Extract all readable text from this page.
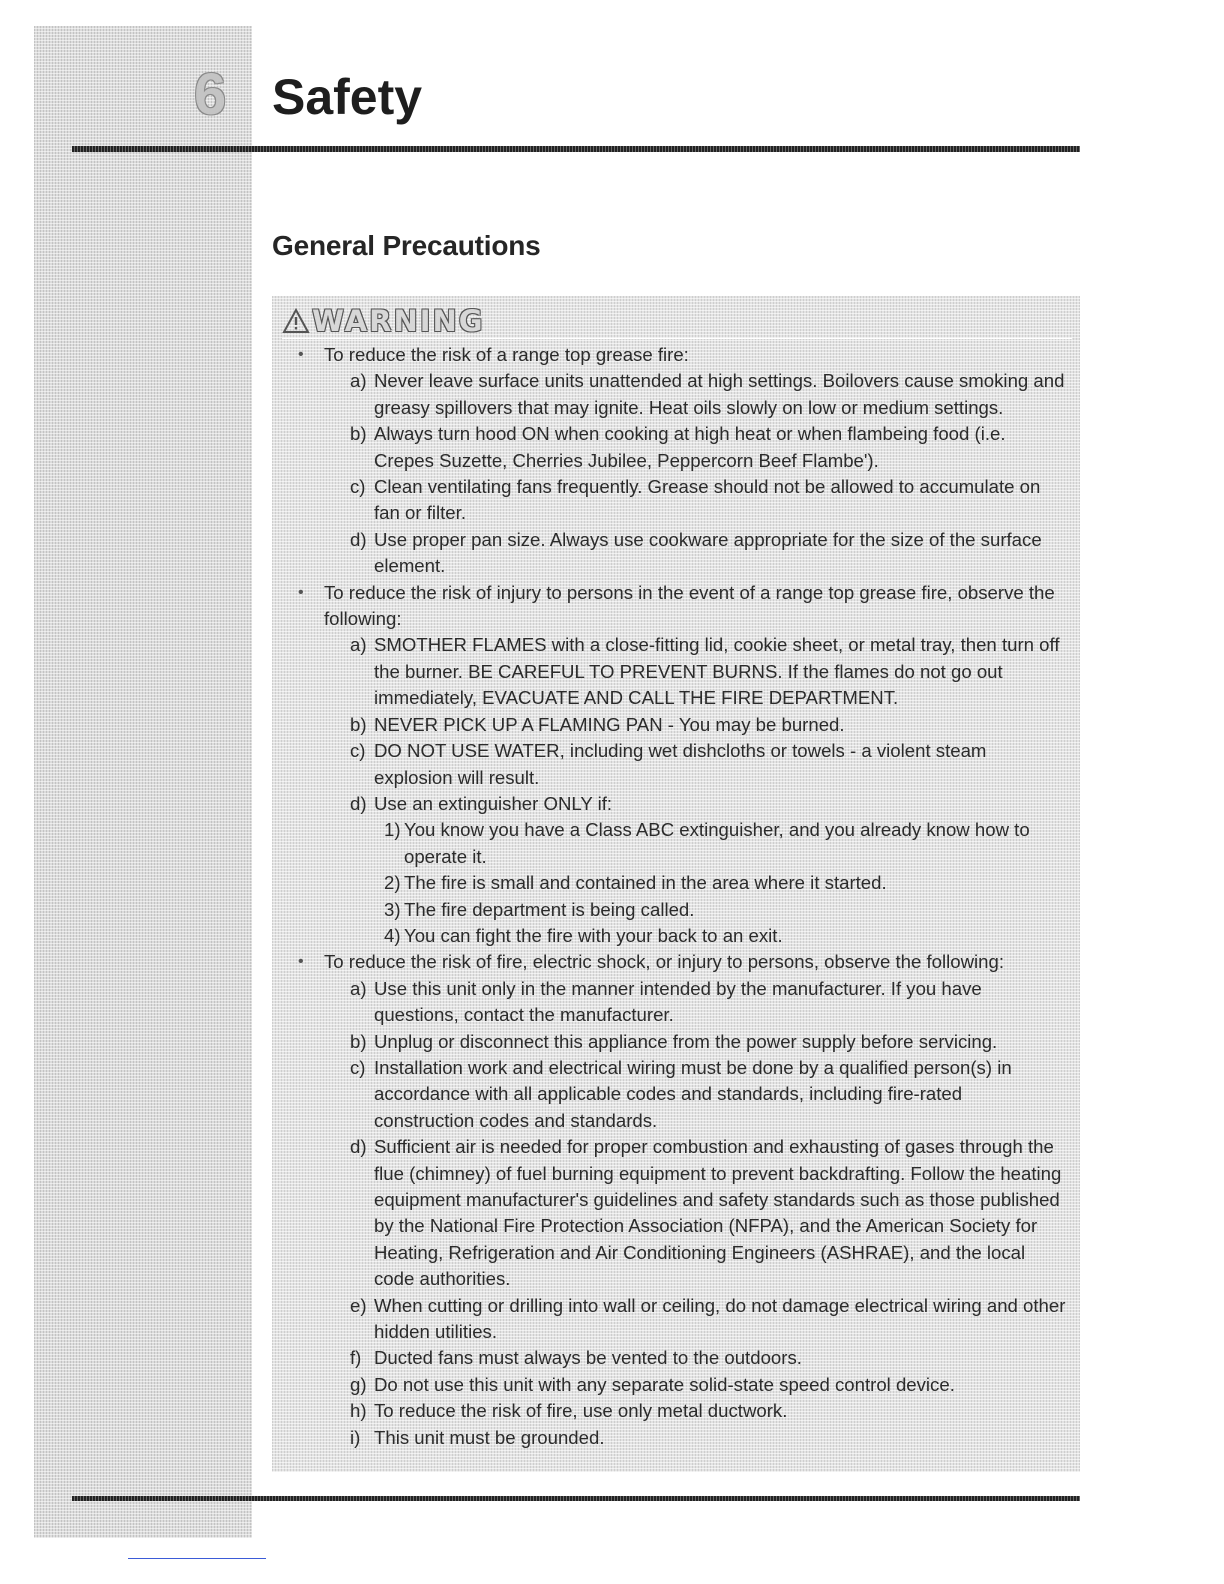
6 Safety
General Precautions
WARNING
• To reduce the risk of a range top grease fire:
a) Never leave surface units unattended at high settings. Boilovers cause smoking and greasy spillovers that may ignite. Heat oils slowly on low or medium settings.
b) Always turn hood ON when cooking at high heat or when flambeing food (i.e. Crepes Suzette, Cherries Jubilee, Peppercorn Beef Flambe').
c) Clean ventilating fans frequently. Grease should not be allowed to accumulate on fan or filter.
d) Use proper pan size. Always use cookware appropriate for the size of the surface element.
• To reduce the risk of injury to persons in the event of a range top grease fire, observe the following:
a) SMOTHER FLAMES with a close-fitting lid, cookie sheet, or metal tray, then turn off the burner. BE CAREFUL TO PREVENT BURNS. If the flames do not go out immediately, EVACUATE AND CALL THE FIRE DEPARTMENT.
b) NEVER PICK UP A FLAMING PAN - You may be burned.
c) DO NOT USE WATER, including wet dishcloths or towels - a violent steam explosion will result.
d) Use an extinguisher ONLY if:
1) You know you have a Class ABC extinguisher, and you already know how to operate it.
2) The fire is small and contained in the area where it started.
3) The fire department is being called.
4) You can fight the fire with your back to an exit.
• To reduce the risk of fire, electric shock, or injury to persons, observe the following:
a) Use this unit only in the manner intended by the manufacturer. If you have questions, contact the manufacturer.
b) Unplug or disconnect this appliance from the power supply before servicing.
c) Installation work and electrical wiring must be done by a qualified person(s) in accordance with all applicable codes and standards, including fire-rated construction codes and standards.
d) Sufficient air is needed for proper combustion and exhausting of gases through the flue (chimney) of fuel burning equipment to prevent backdrafting. Follow the heating equipment manufacturer's guidelines and safety standards such as those published by the National Fire Protection Association (NFPA), and the American Society for Heating, Refrigeration and Air Conditioning Engineers (ASHRAE), and the local code authorities.
e) When cutting or drilling into wall or ceiling, do not damage electrical wiring and other hidden utilities.
f) Ducted fans must always be vented to the outdoors.
g) Do not use this unit with any separate solid-state speed control device.
h) To reduce the risk of fire, use only metal ductwork.
i) This unit must be grounded.
